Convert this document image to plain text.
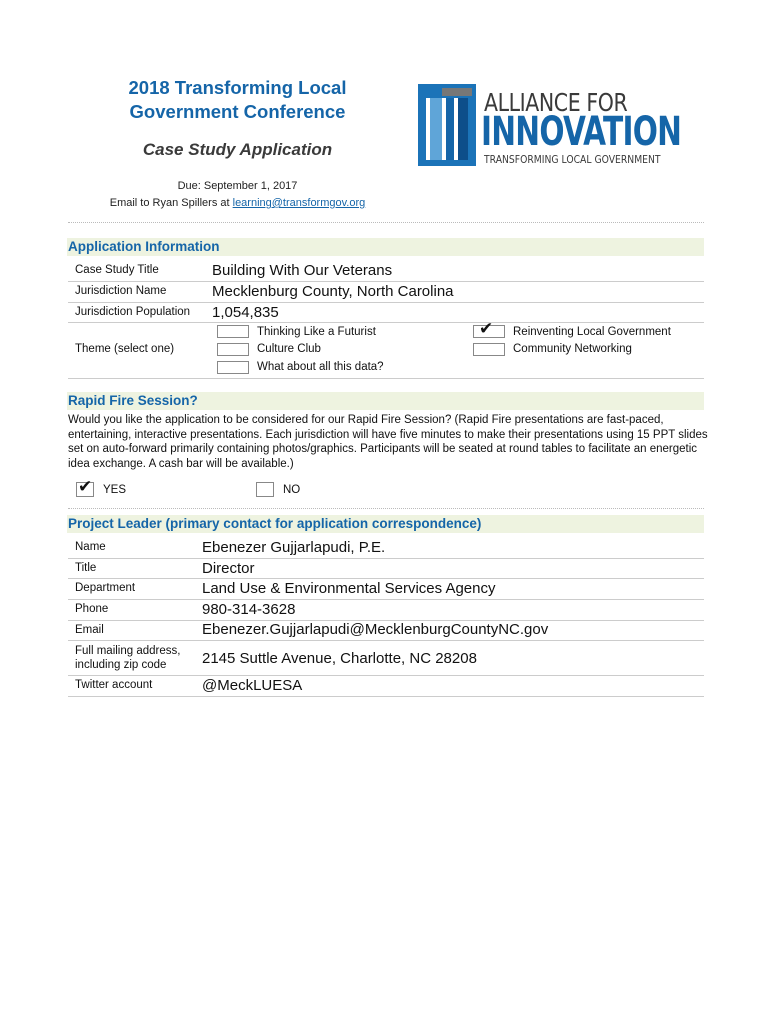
2018 Transforming Local
Government Conference
Case Study Application
Due: September 1, 2017
Email to Ryan Spillers at learning@transformgov.org
ALLIANCE FOR
INNOVATION
TRANSFORMING LOCAL GOVERNMENT
Application Information
Case Study Title	Building With Our Veterans
Jurisdiction Name	Mecklenburg County, North Carolina
Jurisdiction Population 1,054,835
Theme (select one)
Thinking Like a Futurist
Culture Club
What about all this data?
✔ Reinventing Local Government
Community Networking
Rapid Fire Session?
Would you like the application to be considered for our Rapid Fire Session? (Rapid Fire presentations are fast-paced, entertaining, interactive presentations. Each jurisdiction will have five minutes to make their presentations using 15 PPT slides set on auto-forward primarily containing photos/graphics. Participants will be seated at round tables to facilitate an energetic idea exchange. A cash bar will be available.)
✔ YES	NO
Project Leader (primary contact for application correspondence)
Name	Ebenezer Gujjarlapudi, P.E.
Title	Director
Department	Land Use & Environmental Services Agency
Phone	980-314-3628
Email	Ebenezer.Gujjarlapudi@MecklenburgCountyNC.gov
Full mailing address,
including zip code	2145 Suttle Avenue, Charlotte, NC 28208
Twitter account	@MeckLUESA
